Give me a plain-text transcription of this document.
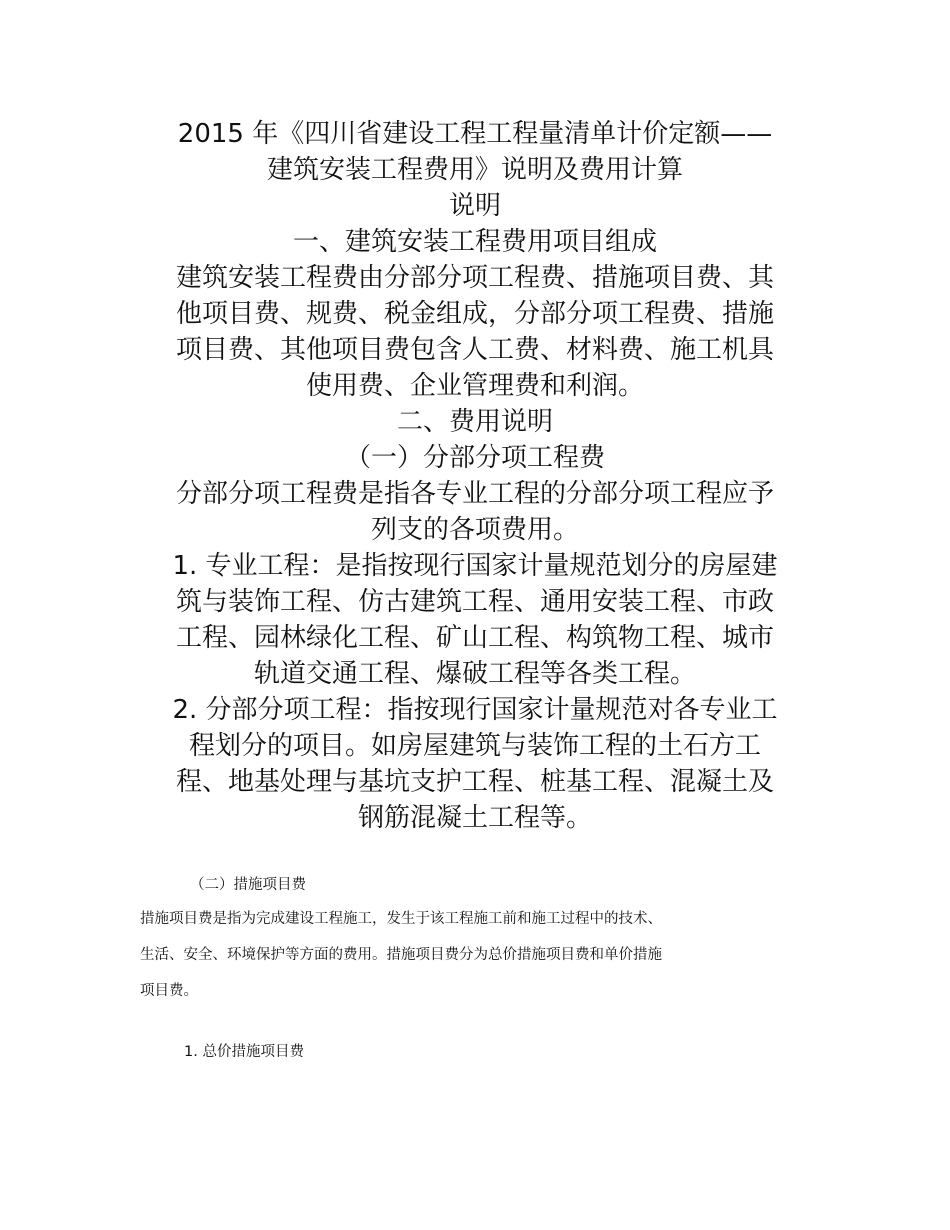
2015 年《四川省建设工程工程量清单计价定额——

建筑安装工程费用》说明及费用计算

说明

一、建筑安装工程费用项目组成

建筑安装工程费由分部分项工程费、措施项目费、其

他项目费、规费、税金组成，分部分项工程费、措施

项目费、其他项目费包含人工费、材料费、施工机具

使用费、企业管理费和利润。

二、费用说明

（一）分部分项工程费

分部分项工程费是指各专业工程的分部分项工程应予

列支的各项费用。

1. 专业工程：是指按现行国家计量规范划分的房屋建

筑与装饰工程、仿古建筑工程、通用安装工程、市政

工程、园林绿化工程、矿山工程、构筑物工程、城市

轨道交通工程、爆破工程等各类工程。

2. 分部分项工程：指按现行国家计量规范对各专业工

程划分的项目。如房屋建筑与装饰工程的土石方工

程、地基处理与基坑支护工程、桩基工程、混凝土及

钢筋混凝土工程等。

（二）措施项目费

措施项目费是指为完成建设工程施工，发生于该工程施工前和施工过程中的技术、

生活、安全、环境保护等方面的费用。措施项目费分为总价措施项目费和单价措施

项目费。

1. 总价措施项目费
